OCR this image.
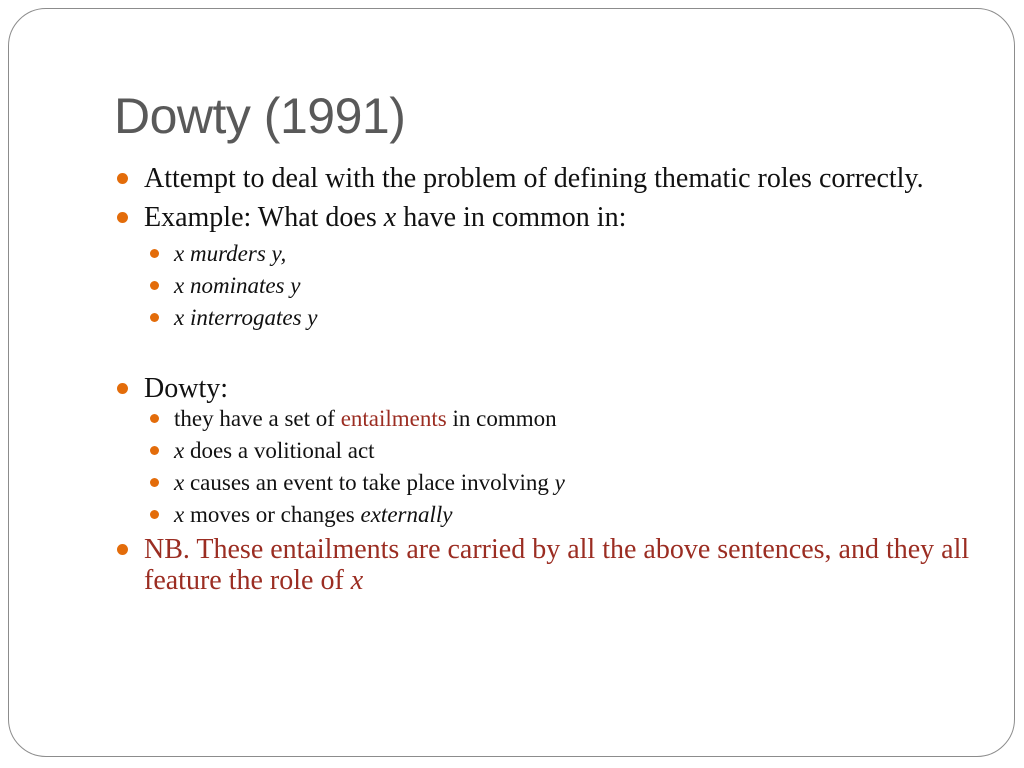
Dowty (1991)
Attempt to deal with the problem of defining thematic roles correctly.
Example: What does x have in common in:
x murders y,
x nominates y
x interrogates y
Dowty:
they have a set of entailments in common
x does a volitional act
x causes an event to take place involving y
x moves or changes externally
NB. These entailments are carried by all the above sentences, and they all feature the role of x
